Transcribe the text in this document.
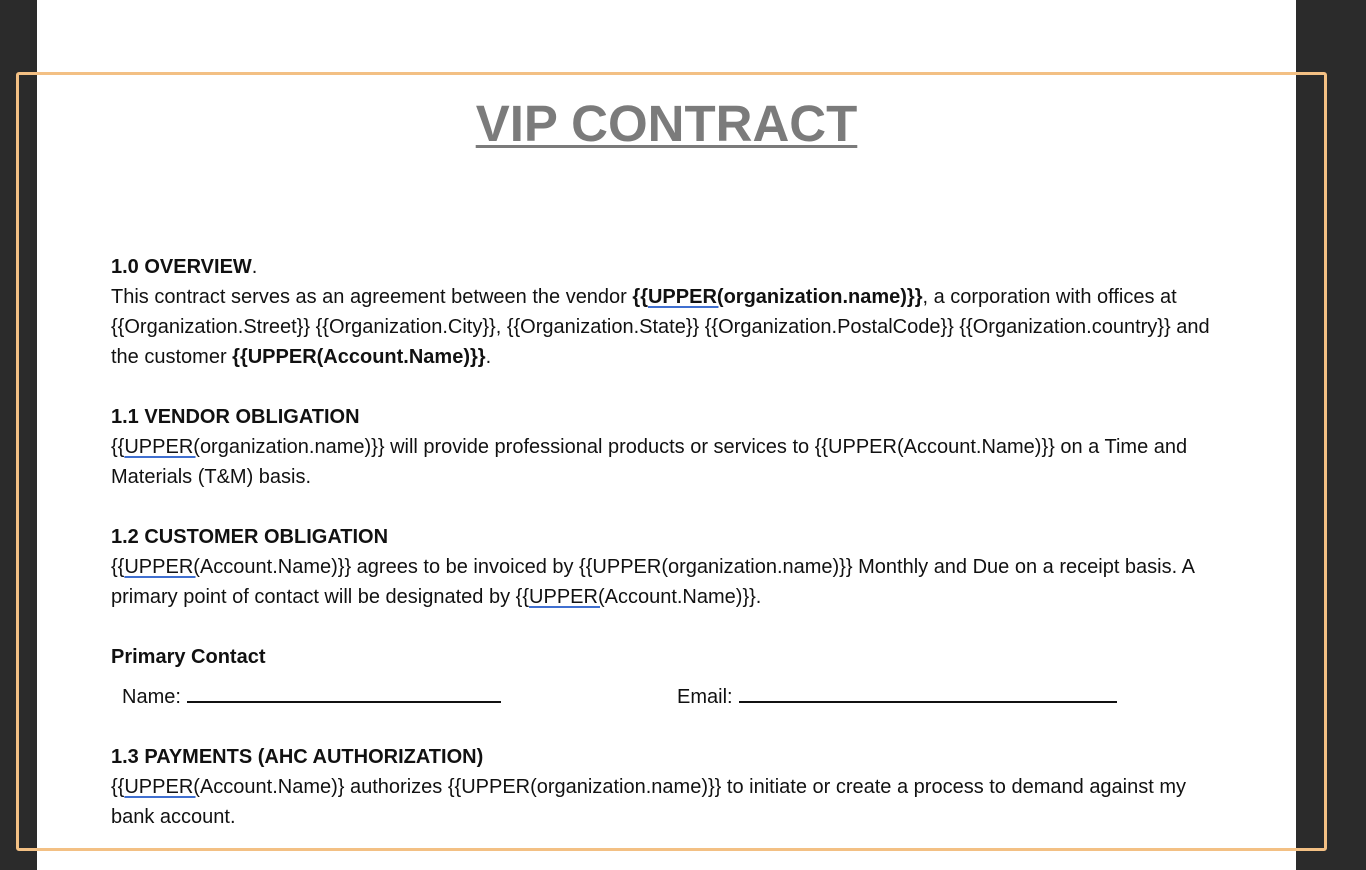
VIP CONTRACT

1.0 OVERVIEW.

This contract serves as an agreement between the vendor {{UPPER(organization.name)}}, a corporation with offices at {{Organization.Street}} {{Organization.City}}, {{Organization.State}} {{Organization.PostalCode}} {{Organization.country}} and the customer {{UPPER(Account.Name)}}.

1.1 VENDOR OBLIGATION

{{UPPER(organization.name)}} will provide professional products or services to {{UPPER(Account.Name)}} on a Time and Materials (T&M) basis.

1.2 CUSTOMER OBLIGATION

{{UPPER(Account.Name)}} agrees to be invoiced by {{UPPER(organization.name)}} Monthly and Due on a receipt basis. A primary point of contact will be designated by {{UPPER(Account.Name)}}.

Primary Contact

Name:	Email:

1.3 PAYMENTS (AHC AUTHORIZATION)

{{UPPER(Account.Name)} authorizes {{UPPER(organization.name)}} to initiate or create a process to demand against my bank account.
